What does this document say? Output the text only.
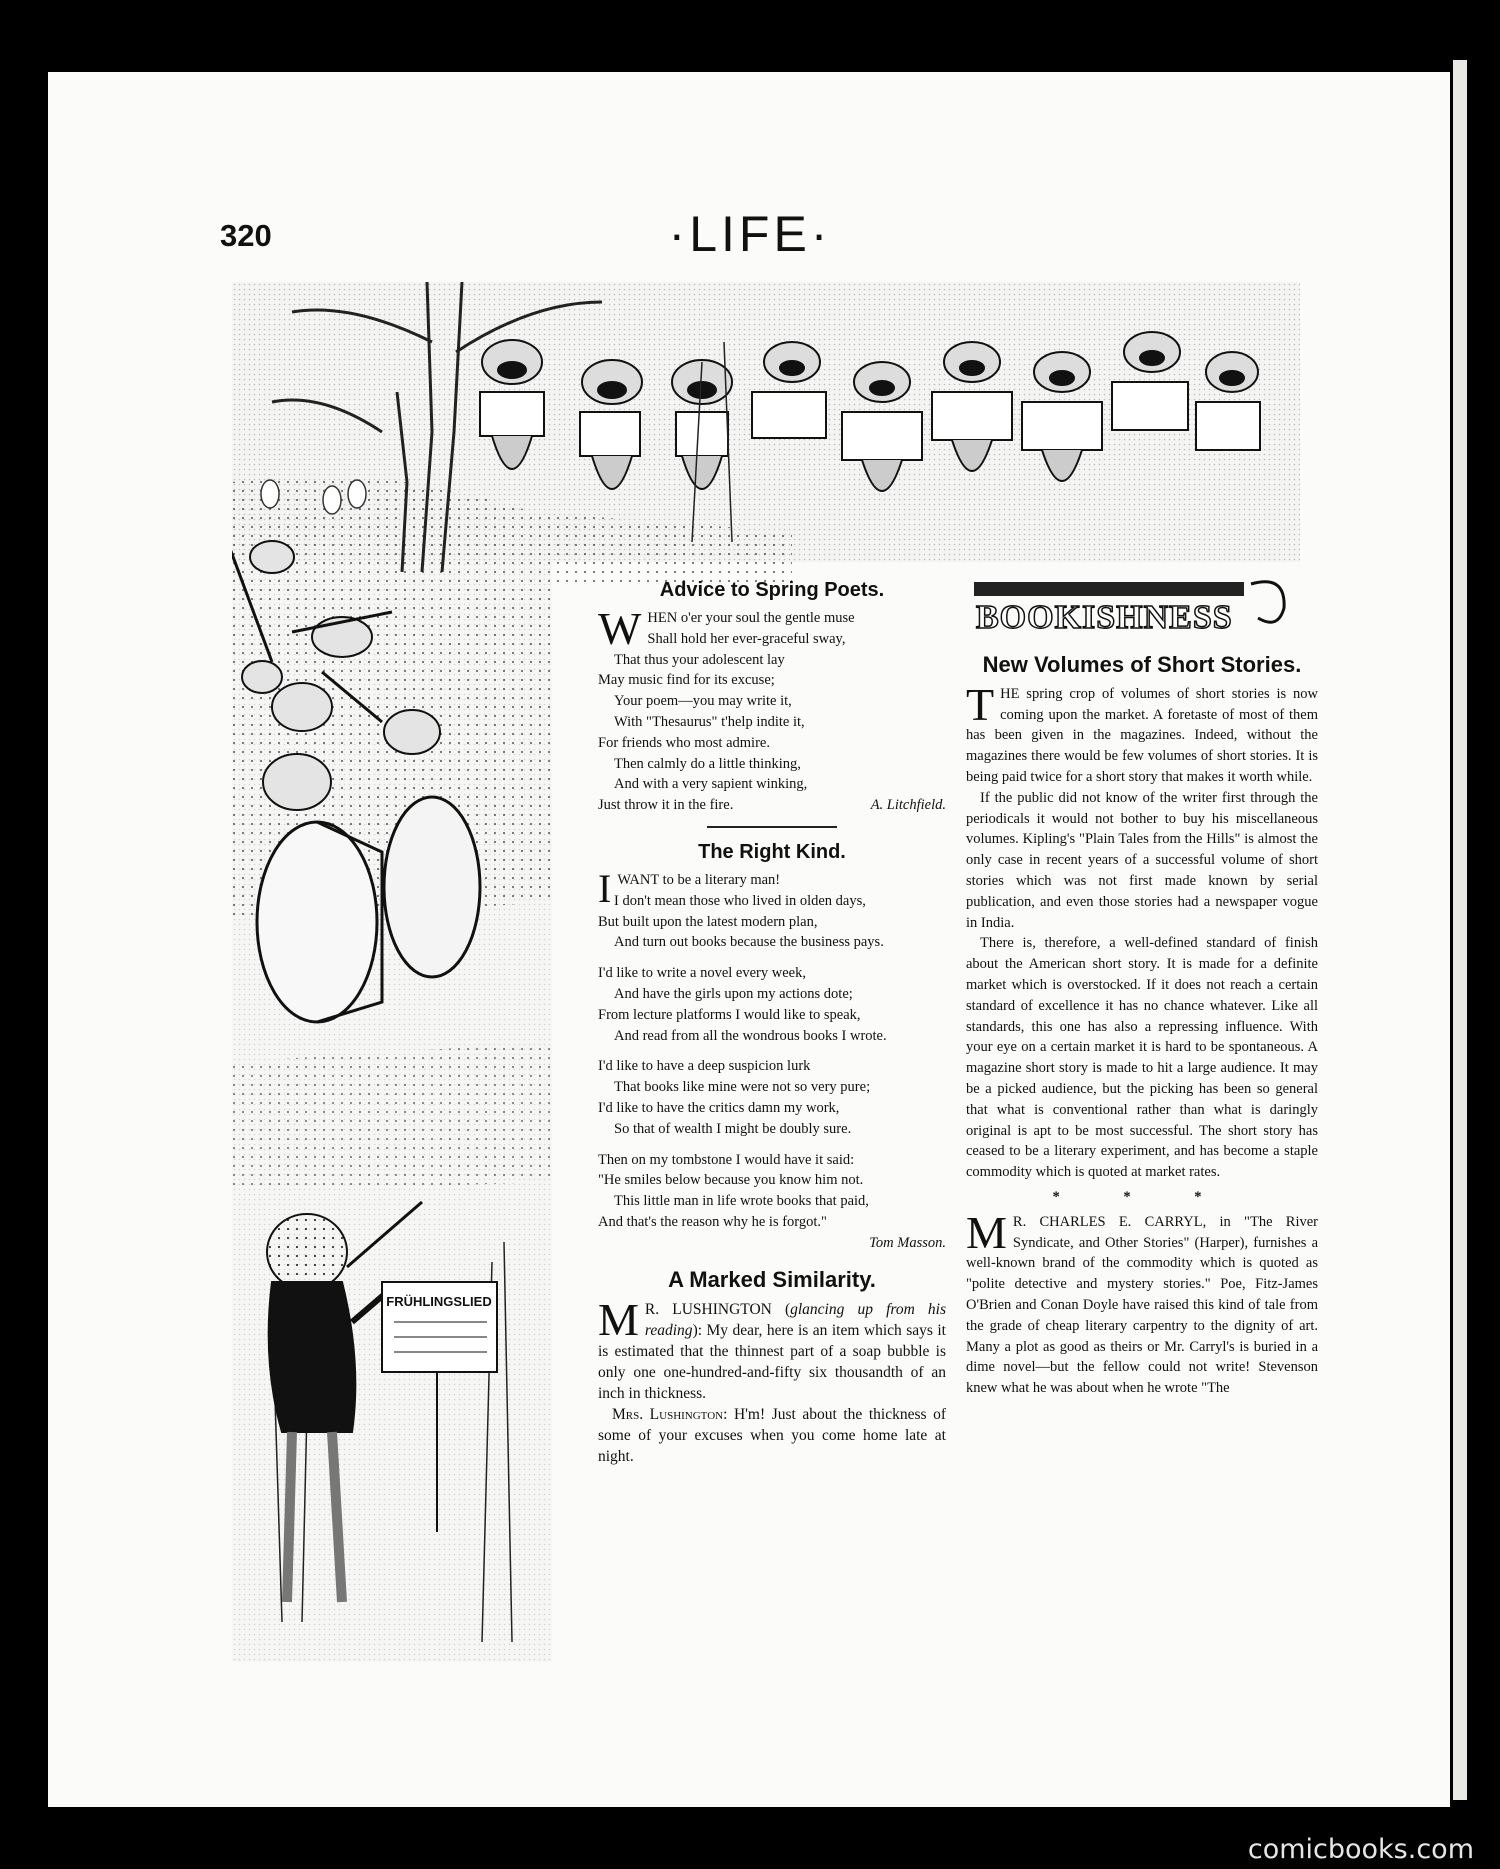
320	·LIFE·
FRÜHLINGSLIED
Advice to Spring Poets.
W HEN o'er your soul the gentle muse

Shall hold her ever-graceful sway,

That thus your adolescent lay

May music find for its excuse;

Your poem—you may write it,

With "Thesaurus" t'help indite it,

For friends who most admire.

Then calmly do a little thinking,

And with a very sapient winking,

Just throw it in the fire.	A. Litchfield.
The Right Kind.
I WANT to be a literary man!

I don't mean those who lived in olden days,

But built upon the latest modern plan,

And turn out books because the business pays.

I'd like to write a novel every week,

And have the girls upon my actions dote;

From lecture platforms I would like to speak,

And read from all the wondrous books I wrote.

I'd like to have a deep suspicion lurk

That books like mine were not so very pure;

I'd like to have the critics damn my work,

So that of wealth I might be doubly sure.

Then on my tombstone I would have it said:

"He smiles below because you know him not.

This little man in life wrote books that paid,

And that's the reason why he is forgot."

Tom Masson.

A Marked Similarity.

M R. LUSHINGTON (glancing up from his reading): My dear, here is an item which says it is estimated that the thinnest part of a soap bubble is only one one-hundred-and-fifty six thousandth of an inch in thickness.

Mrs. Lushington: H'm! Just about the thickness of some of your excuses when you come home late at night.

BOOKISHNESS
New Volumes of Short Stories.

THE spring crop of volumes of short stories is now coming upon the market. A foretaste of most of them has been given in the magazines. Indeed, without the magazines there would be few volumes of short stories. It is being paid twice for a short story that makes it worth while.

If the public did not know of the writer first through the periodicals it would not bother to buy his miscellaneous volumes. Kipling's "Plain Tales from the Hills" is almost the only case in recent years of a successful volume of short stories which was not first made known by serial publication, and even those stories had a newspaper vogue in India.

There is, therefore, a well-defined standard of finish about the American short story. It is made for a definite market which is overstocked. If it does not reach a certain standard of excellence it has no chance whatever. Like all standards, this one has also a repressing influence. With your eye on a certain market it is hard to be spontaneous. A magazine short story is made to hit a large audience. It may be a picked audience, but the picking has been so general that what is conventional rather than what is daringly original is apt to be most successful. The short story has ceased to be a literary experiment, and has become a staple commodity which is quoted at market rates.

* * *

M R. CHARLES E. CARRYL, in "The River Syndicate, and Other Stories" (Harper), furnishes a well-known brand of the commodity which is quoted as "polite detective and mystery stories." Poe, Fitz-James O'Brien and Conan Doyle have raised this kind of tale from the grade of cheap literary carpentry to the dignity of art. Many a plot as good as theirs or Mr. Carryl's is buried in a dime novel—but the fellow could not write! Stevenson knew what he was about when he wrote "The

comicbooks.com
